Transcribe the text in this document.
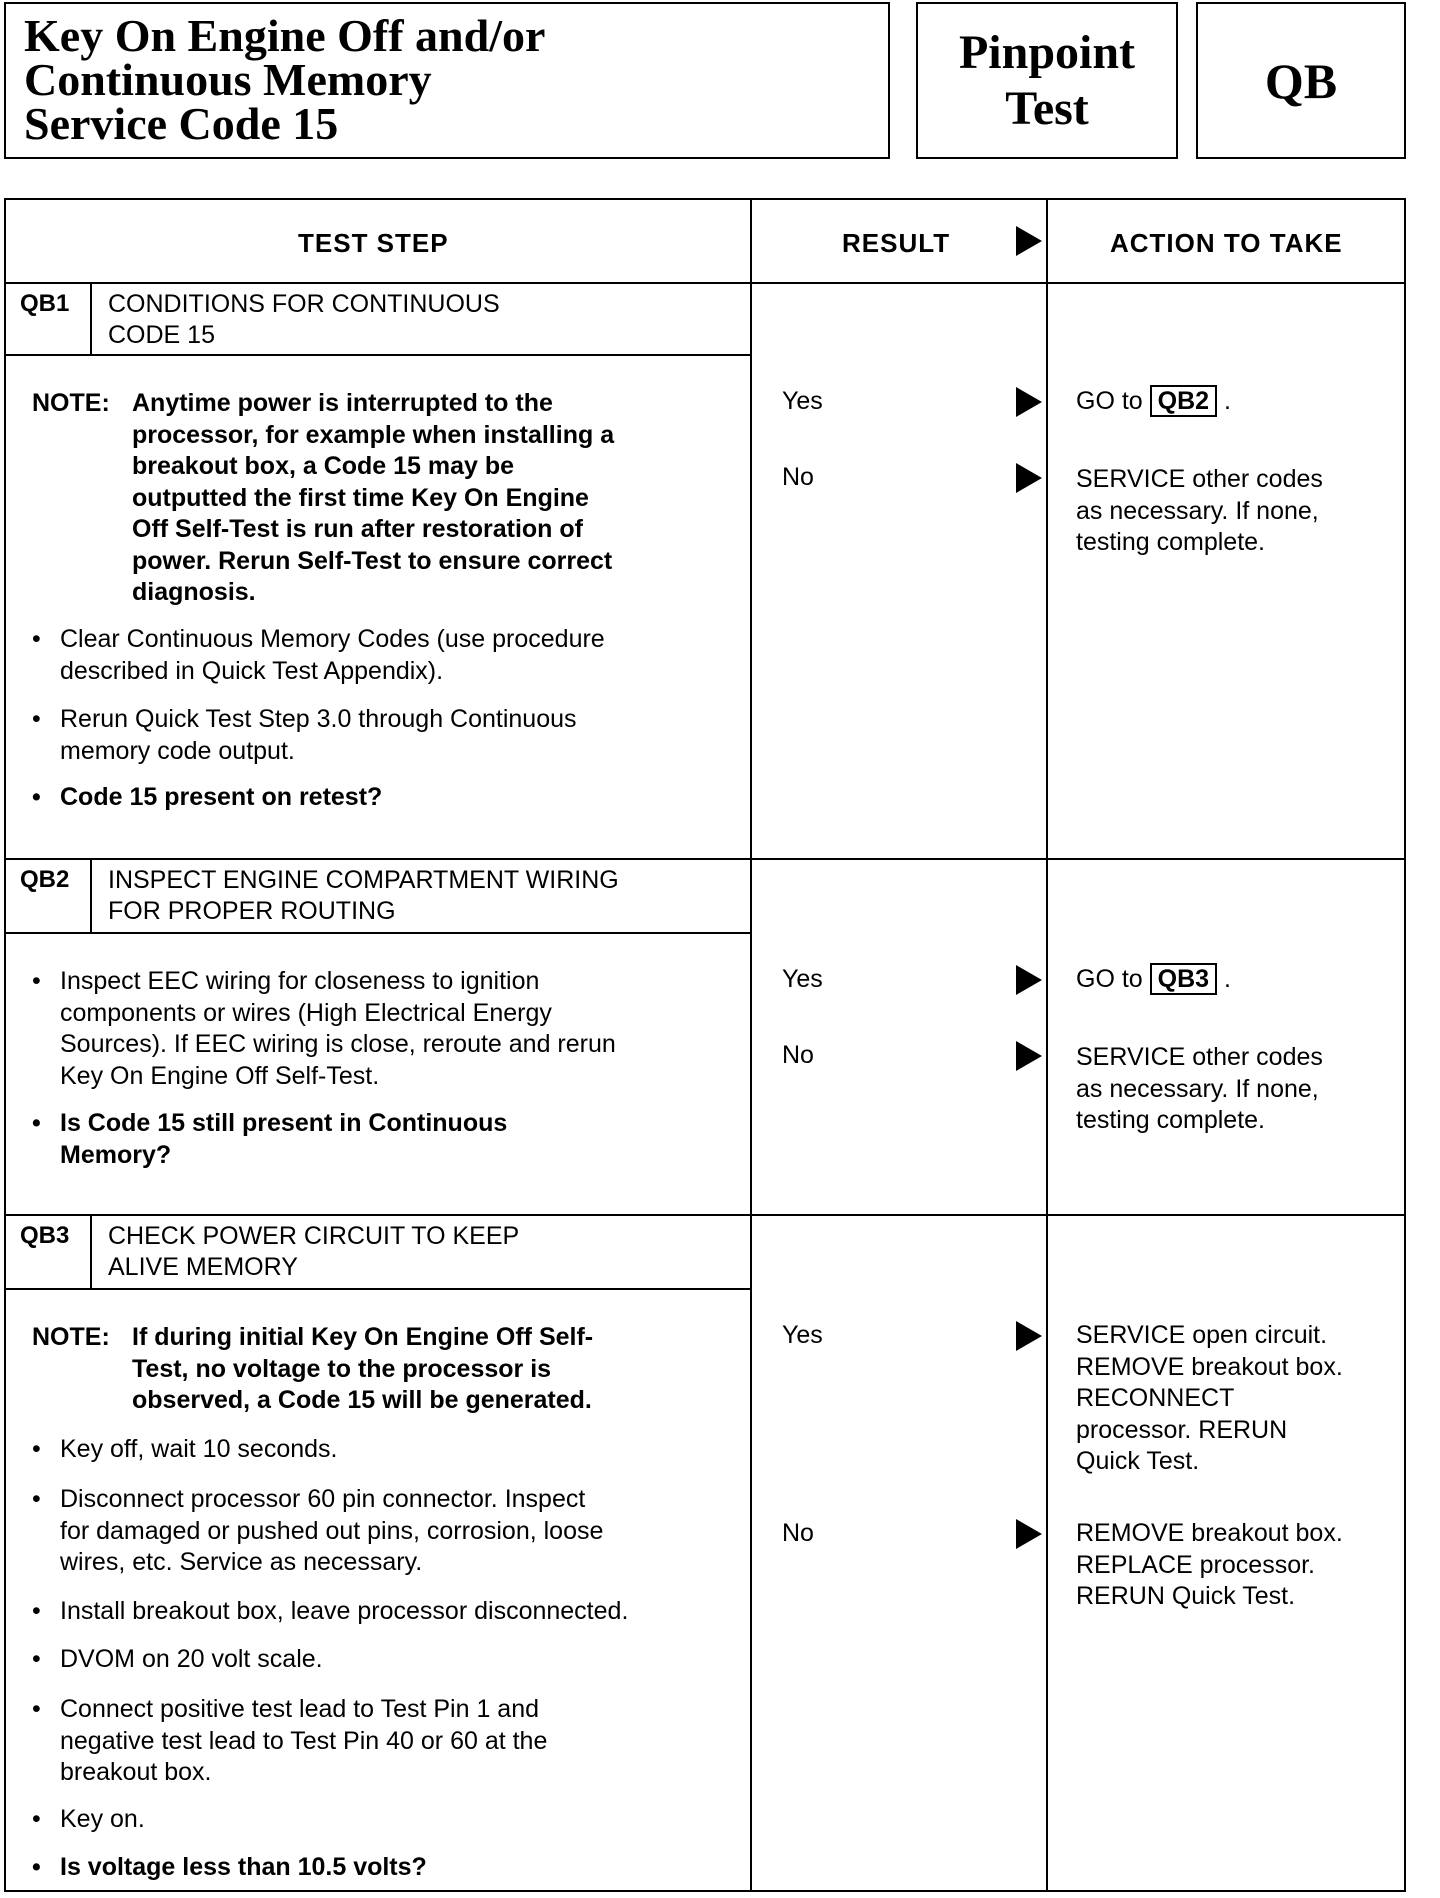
Key On Engine Off and/or
Continuous Memory
Service Code 15
Pinpoint
Test	QB
TEST STEP	RESULT	ACTION TO TAKE
QB1 CONDITIONS FOR CONTINUOUS
CODE 15
NOTE: Anytime power is interrupted to the
processor, for example when installing a
breakout box, a Code 15 may be
outputted the first time Key On Engine
Off Self-Test is run after restoration of
power. Rerun Self-Test to ensure correct
diagnosis.
• Clear Continuous Memory Codes (use procedure
described in Quick Test Appendix).
• Rerun Quick Test Step 3.0 through Continuous
memory code output.
• Code 15 present on retest?
Yes	GO to QB2 .
No	SERVICE other codes
as necessary. If none,
testing complete.
QB2 INSPECT ENGINE COMPARTMENT WIRING
FOR PROPER ROUTING
• Inspect EEC wiring for closeness to ignition
components or wires (High Electrical Energy
Sources). If EEC wiring is close, reroute and rerun
Key On Engine Off Self-Test.
• Is Code 15 still present in Continuous
Memory?
Yes	GO to QB3 .
No	SERVICE other codes
as necessary. If none,
testing complete.
QB3 CHECK POWER CIRCUIT TO KEEP
ALIVE MEMORY
NOTE: If during initial Key On Engine Off Self-
Test, no voltage to the processor is
observed, a Code 15 will be generated.
• Key off, wait 10 seconds.
• Disconnect processor 60 pin connector. Inspect
for damaged or pushed out pins, corrosion, loose
wires, etc. Service as necessary.
• Install breakout box, leave processor disconnected.
• DVOM on 20 volt scale.
• Connect positive test lead to Test Pin 1 and
negative test lead to Test Pin 40 or 60 at the
breakout box.
• Key on.
• Is voltage less than 10.5 volts?
Yes	SERVICE open circuit.
REMOVE breakout box.
RECONNECT
processor. RERUN
Quick Test.
No	REMOVE breakout box.
REPLACE processor.
RERUN Quick Test.
